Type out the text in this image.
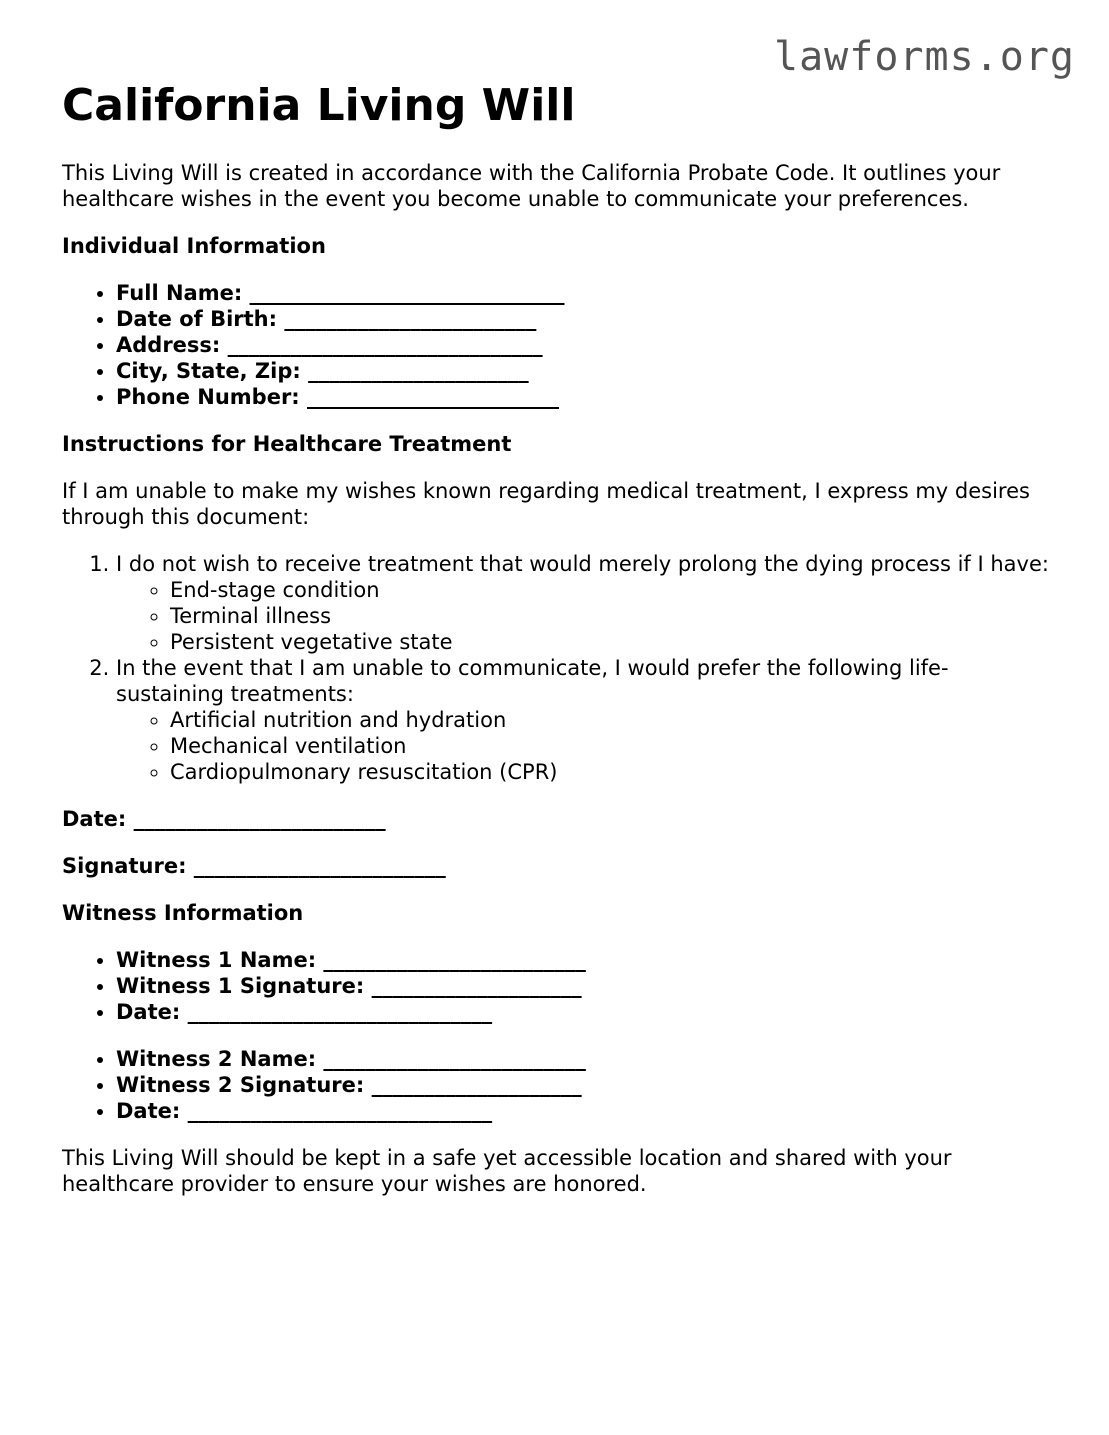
lawforms.org
California Living Will

This Living Will is created in accordance with the California Probate Code. It outlines your healthcare wishes in the event you become unable to communicate your preferences.

Individual Information
• Full Name: ______________________________
• Date of Birth: ________________________
• Address: ______________________________
• City, State, Zip: _____________________
• Phone Number: ________________________
Instructions for Healthcare Treatment

If I am unable to make my wishes known regarding medical treatment, I express my desires through this document:

1. I do not wish to receive treatment that would merely prolong the dying process if I have:
◦ End-stage condition
◦ Terminal illness
◦ Persistent vegetative state
2. In the event that I am unable to communicate, I would prefer the following life-sustaining treatments:
◦ Artificial nutrition and hydration
◦ Mechanical ventilation
◦ Cardiopulmonary resuscitation (CPR)
Date: ________________________
Signature: ________________________
Witness Information
• Witness 1 Name: _________________________
• Witness 1 Signature: ____________________
• Date: _____________________________
• Witness 2 Name: _________________________
• Witness 2 Signature: ____________________
• Date: _____________________________

This Living Will should be kept in a safe yet accessible location and shared with your healthcare provider to ensure your wishes are honored.
